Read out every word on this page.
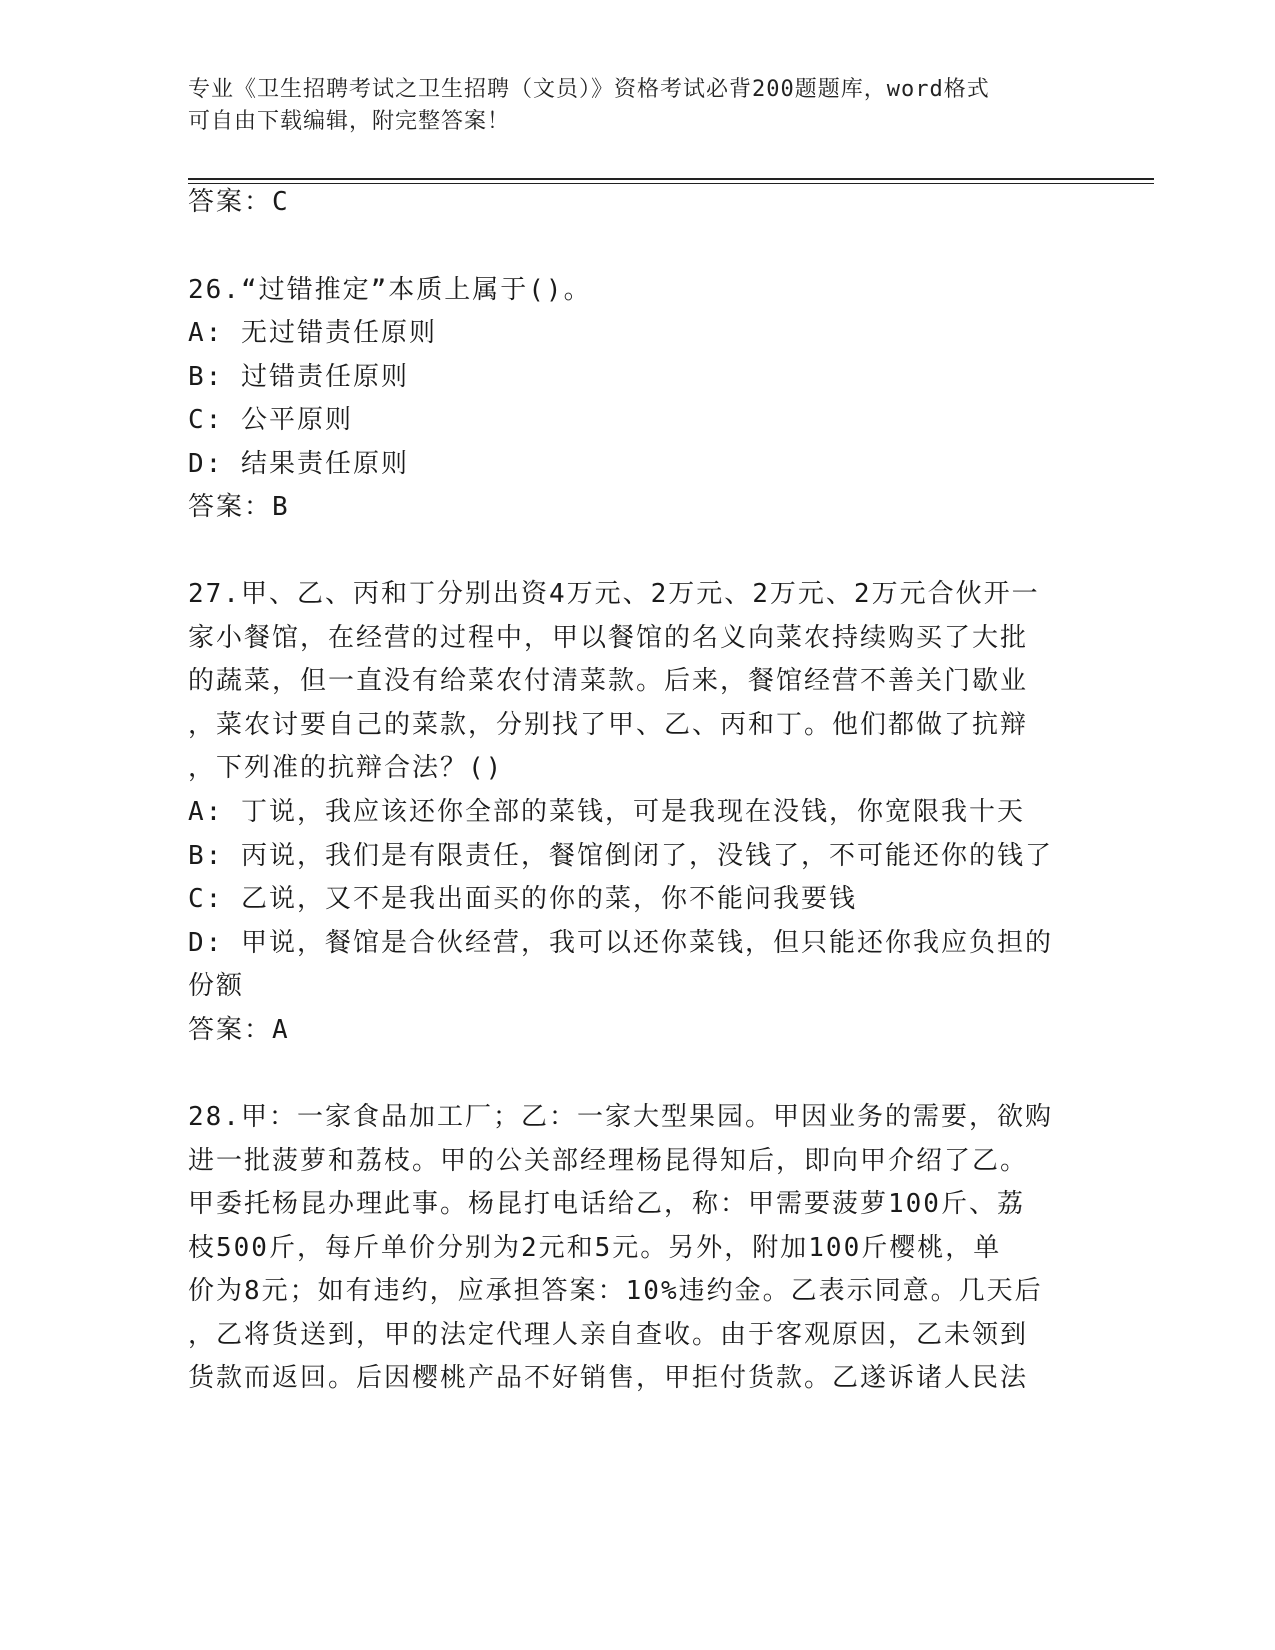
专业《卫生招聘考试之卫生招聘（文员）》资格考试必背200题题库，word格式
可自由下载编辑，附完整答案！
答案：C
26.“过错推定”本质上属于()。
A: 无过错责任原则
B: 过错责任原则
C: 公平原则
D: 结果责任原则
答案：B
27.甲、乙、丙和丁分别出资4万元、2万元、2万元、2万元合伙开一
家小餐馆，在经营的过程中，甲以餐馆的名义向菜农持续购买了大批
的蔬菜，但一直没有给菜农付清菜款。后来，餐馆经营不善关门歇业
，菜农讨要自己的菜款，分别找了甲、乙、丙和丁。他们都做了抗辩
，下列准的抗辩合法？()
A: 丁说，我应该还你全部的菜钱，可是我现在没钱，你宽限我十天
B: 丙说，我们是有限责任，餐馆倒闭了，没钱了，不可能还你的钱了
C: 乙说，又不是我出面买的你的菜，你不能问我要钱
D: 甲说，餐馆是合伙经营，我可以还你菜钱，但只能还你我应负担的
份额
答案：A
28.甲：一家食品加工厂；乙：一家大型果园。甲因业务的需要，欲购
进一批菠萝和荔枝。甲的公关部经理杨昆得知后，即向甲介绍了乙。
甲委托杨昆办理此事。杨昆打电话给乙，称：甲需要菠萝100斤、荔
枝500斤，每斤单价分别为2元和5元。另外，附加100斤樱桃，单
价为8元；如有违约，应承担答案：10%违约金。乙表示同意。几天后
，乙将货送到，甲的法定代理人亲自查收。由于客观原因，乙未领到
货款而返回。后因樱桃产品不好销售，甲拒付货款。乙遂诉诸人民法
